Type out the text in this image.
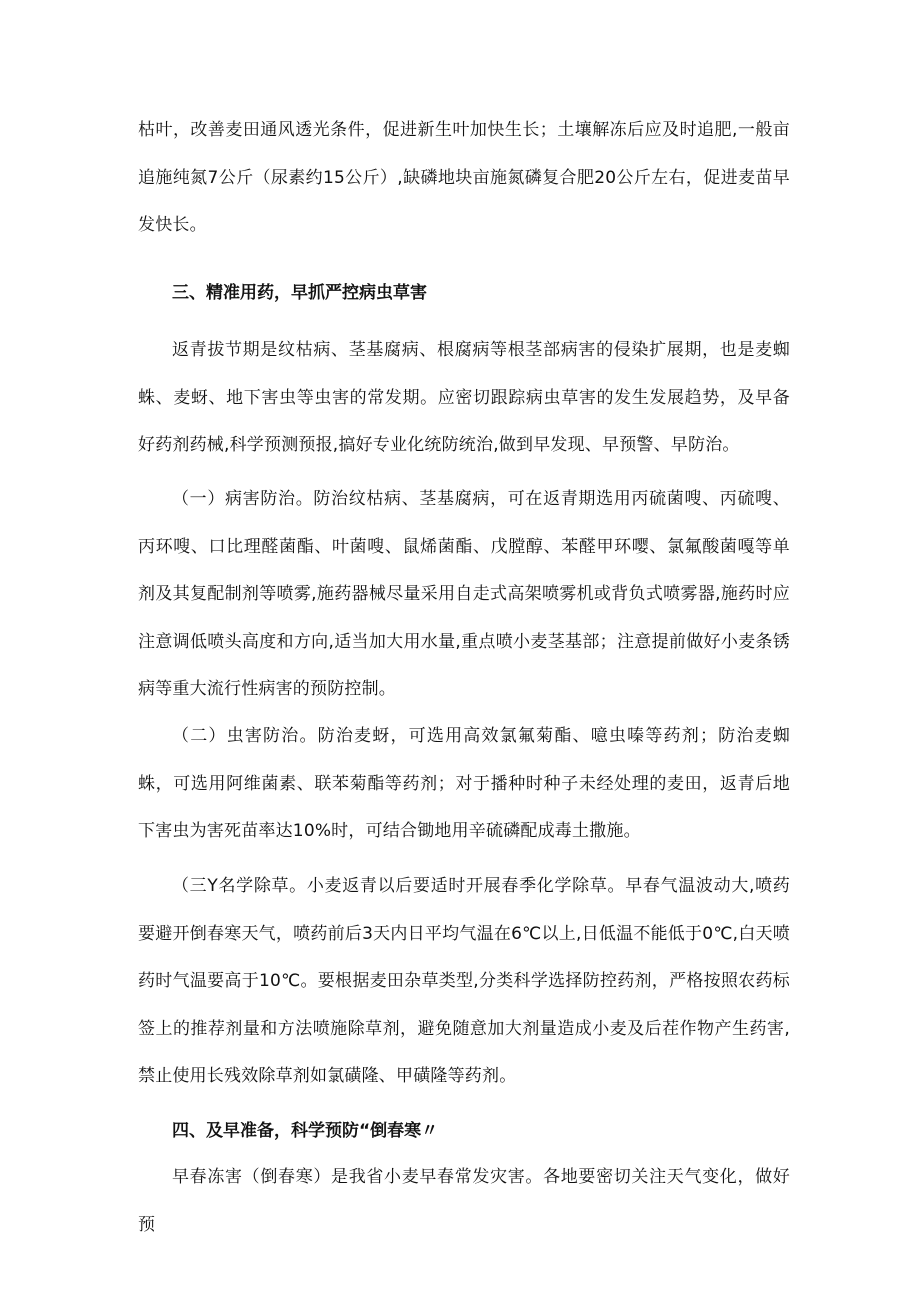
枯叶，改善麦田通风透光条件，促进新生叶加快生长；土壤解冻后应及时追肥,一般亩追施纯氮7公斤（尿素约15公斤）,缺磷地块亩施氮磷复合肥20公斤左右，促进麦苗早发快长。

三、精准用药，早抓严控病虫草害

返青拔节期是纹枯病、茎基腐病、根腐病等根茎部病害的侵染扩展期，也是麦蜘蛛、麦蚜、地下害虫等虫害的常发期。应密切跟踪病虫草害的发生发展趋势，及早备好药剂药械,科学预测预报,搞好专业化统防统治,做到早发现、早预警、早防治。

（一）病害防治。防治纹枯病、茎基腐病，可在返青期选用丙硫菌嗖、丙硫嗖、丙环嗖、口比理醛菌酯、叶菌嗖、鼠烯菌酯、戊膛醇、苯醛甲环嘤、氯氟酸菌嘎等单剂及其复配制剂等喷雾,施药器械尽量采用自走式高架喷雾机或背负式喷雾器,施药时应注意调低喷头高度和方向,适当加大用水量,重点喷小麦茎基部；注意提前做好小麦条锈病等重大流行性病害的预防控制。

（二）虫害防治。防治麦蚜，可选用高效氯氟菊酯、噫虫嗪等药剂；防治麦蜘蛛，可选用阿维菌素、联苯菊酯等药剂；对于播种时种子未经处理的麦田，返青后地下害虫为害死苗率达10%时，可结合锄地用辛硫磷配成毒土撒施。

（三Y名学除草。小麦返青以后要适时开展春季化学除草。早春气温波动大,喷药要避开倒春寒天气，喷药前后3天内日平均气温在6℃以上,日低温不能低于0℃,白天喷药时气温要高于10℃。要根据麦田杂草类型,分类科学选择防控药剂，严格按照农药标签上的推荐剂量和方法喷施除草剂，避免随意加大剂量造成小麦及后茬作物产生药害,禁止使用长残效除草剂如氯磺隆、甲磺隆等药剂。

四、及早准备，科学预防“倒春寒〃

早春冻害（倒春寒）是我省小麦早春常发灾害。各地要密切关注天气变化，做好预
